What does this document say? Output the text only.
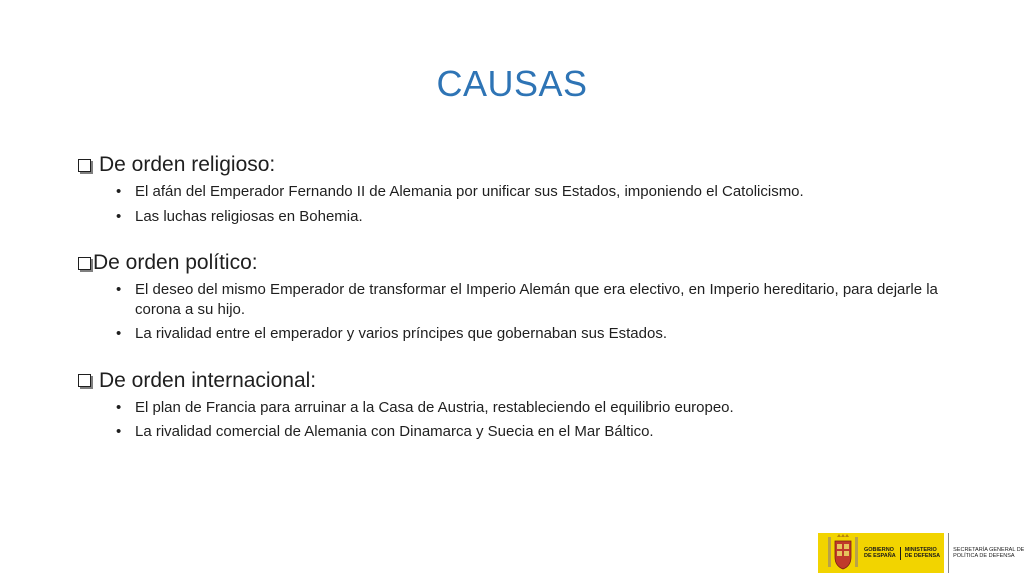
CAUSAS
De orden religioso:
• El afán del Emperador Fernando II de Alemania por unificar sus Estados, imponiendo el Catolicismo.
• Las luchas religiosas en Bohemia.
De orden político:
• El deseo del mismo Emperador de transformar el Imperio Alemán que era electivo, en Imperio hereditario, para dejarle la corona a su hijo.
• La rivalidad entre el emperador y varios príncipes que gobernaban sus Estados.
De orden internacional:
• El plan de Francia para arruinar a la Casa de Austria, restableciendo el equilibrio europeo.
• La rivalidad comercial de Alemania con Dinamarca y Suecia en el Mar Báltico.
GOBIERNO
DE ESPAÑA
MINISTERIO
DE DEFENSA
SECRETARÍA GENERAL DE
POLÍTICA DE DEFENSA
